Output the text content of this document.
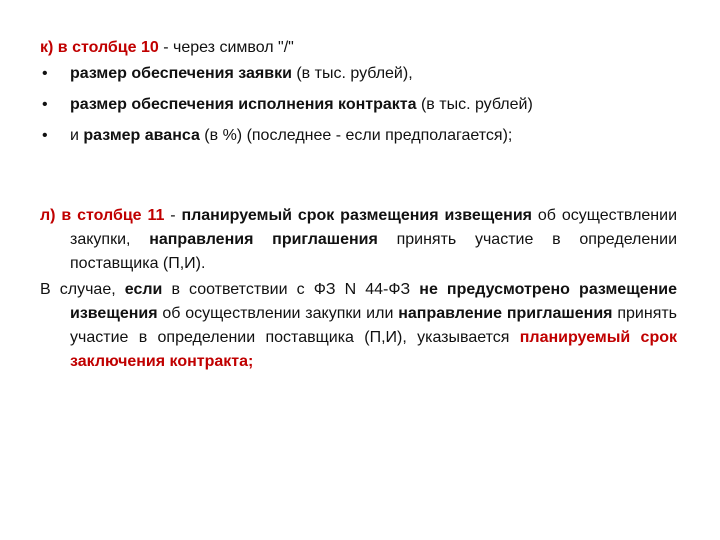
к) в столбце 10 - через символ "/"
• размер обеспечения заявки (в тыс. рублей),
• размер обеспечения исполнения контракта (в тыс. рублей)
• и размер аванса (в %) (последнее - если предполагается);
л) в столбце 11 - планируемый срок размещения извещения об осуществлении закупки, направления приглашения принять участие в определении поставщика (П,И).
В случае, если в соответствии с ФЗ N 44-ФЗ не предусмотрено размещение извещения об осуществлении закупки или направление приглашения принять участие в определении поставщика (П,И), указывается планируемый срок заключения контракта;
